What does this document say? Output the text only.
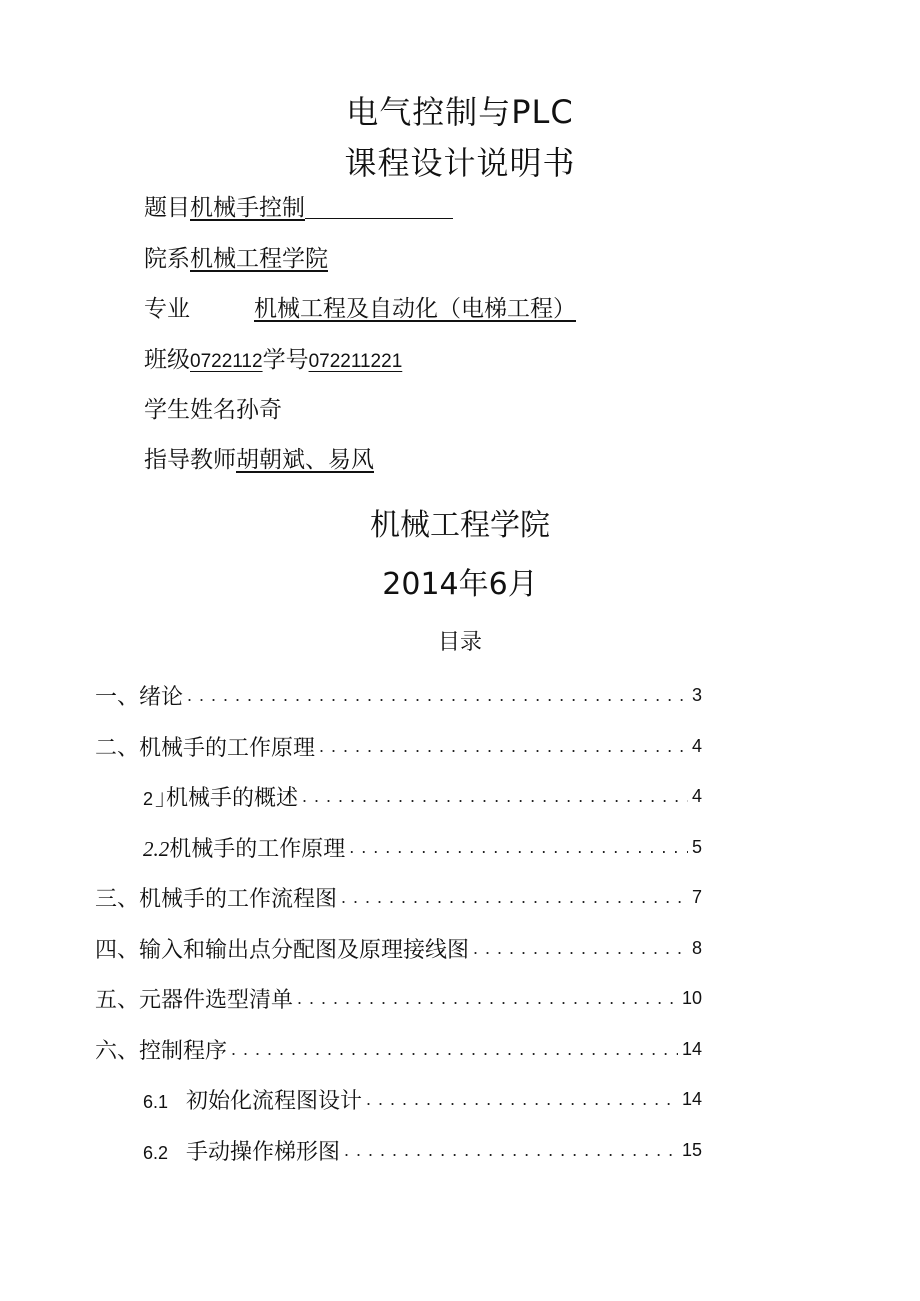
电气控制与PLC
课程设计说明书
题目机械手控制
院系机械工程学院
专业	机械工程及自动化（电梯工程）
班级0722112学号072211221
学生姓名孙奇
指导教师胡朝斌、易风
机械工程学院
2014年6月
目录
一、绪论 . . .	3
二、机械手的工作原理 . . .	4
2｣机械手的概述 . . .	4
2.2机械手的工作原理 . . .	5
三、机械手的工作流程图 . . .	7
四、输入和输出点分配图及原理接线图 . . .	8
五、元器件选型清单 . . .	10
六、控制程序 . . .	14
6.1 初始化流程图设计 . . .	14
6.2 手动操作梯形图 . . .	15
